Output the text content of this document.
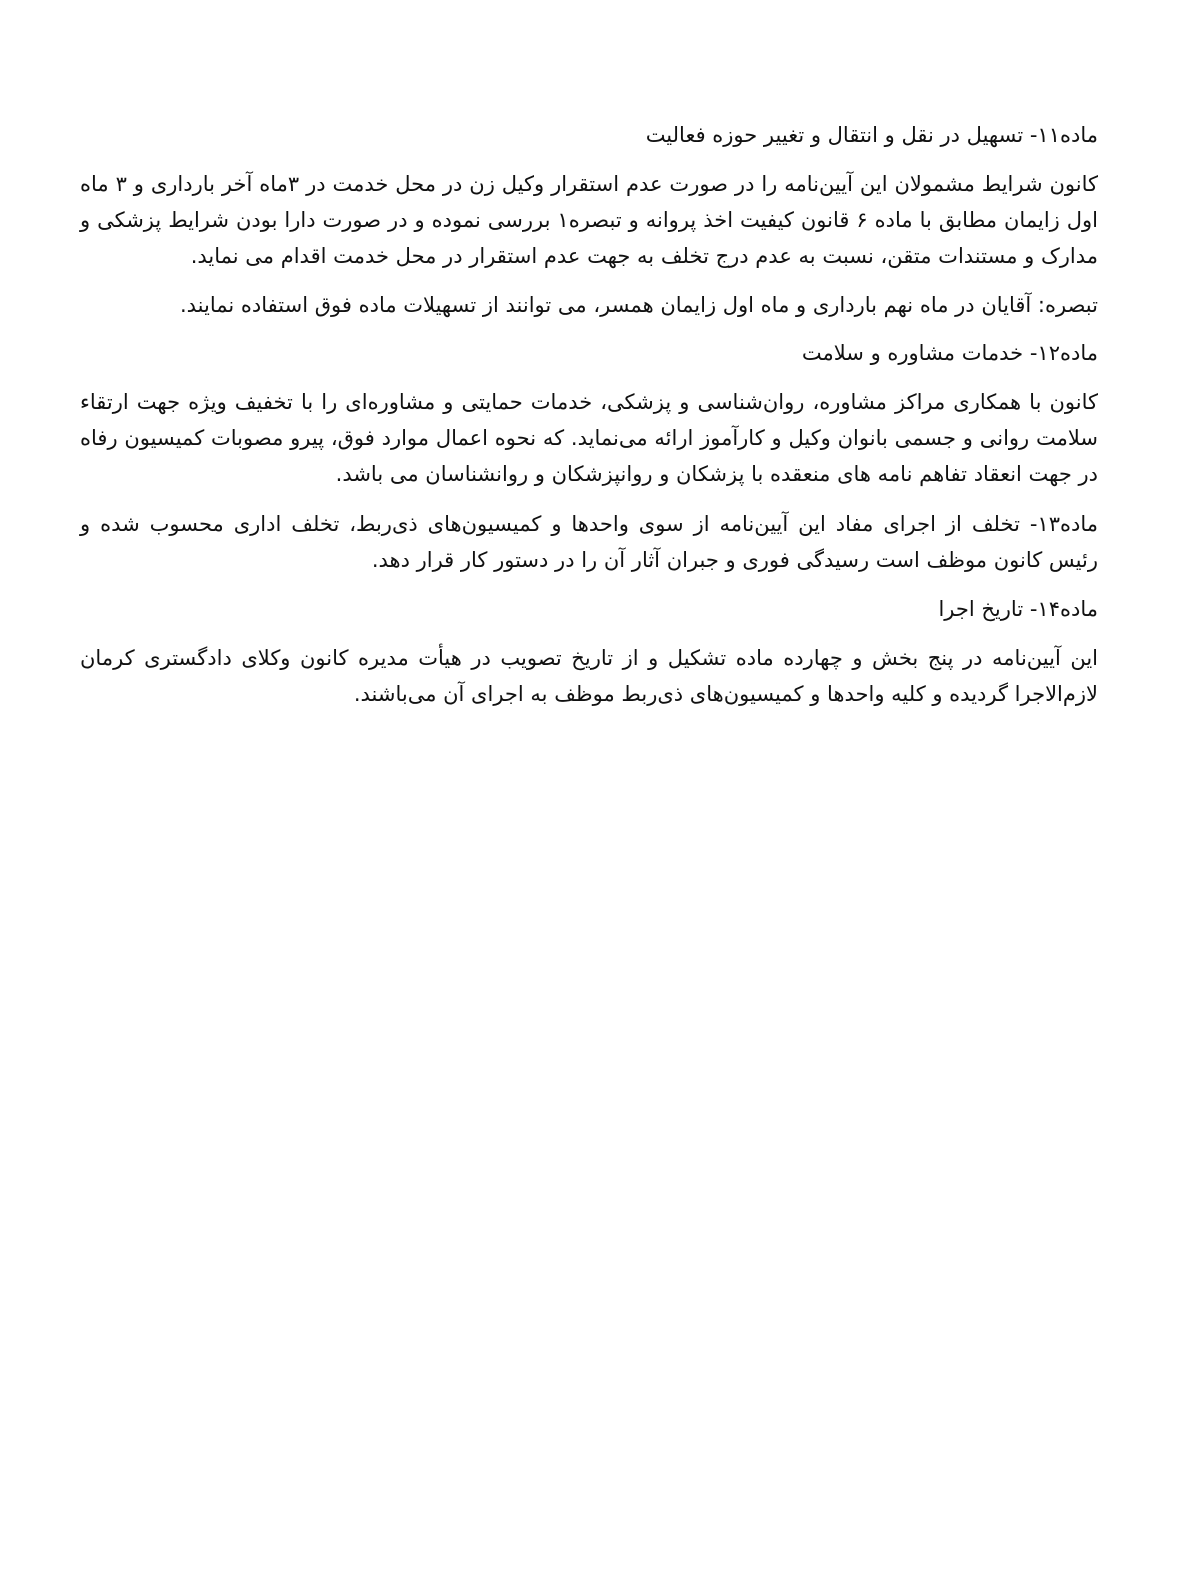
ماده۱۱- تسهیل در نقل و انتقال و تغییر حوزه فعالیت

کانون شرایط مشمولان این آیین‌نامه را در صورت عدم استقرار وکیل زن در محل خدمت در ۳ماه آخر بارداری و ۳ ماه اول زایمان مطابق با ماده ۶ قانون کیفیت اخذ پروانه و تبصره۱ بررسی نموده و در صورت دارا بودن شرایط پزشکی و مدارک و مستندات متقن، نسبت به عدم درج تخلف به جهت عدم استقرار در محل خدمت اقدام می نماید.

تبصره: آقایان در ماه نهم بارداری و ماه اول زایمان همسر، می توانند از تسهیلات ماده فوق استفاده نمایند.

ماده۱۲- خدمات مشاوره و سلامت

کانون با همکاری مراکز مشاوره، روان‌شناسی و پزشکی، خدمات حمایتی و مشاوره‌ای را با تخفیف ویژه جهت ارتقاء سلامت روانی و جسمی بانوان وکیل و کارآموز ارائه می‌نماید. که نحوه اعمال موارد فوق، پیرو مصوبات کمیسیون رفاه در جهت انعقاد تفاهم نامه های منعقده با پزشکان و روانپزشکان و روانشناسان می باشد.

ماده۱۳- تخلف از اجرای مفاد این آیین‌نامه از سوی واحدها و کمیسیون‌های ذی‌ربط، تخلف اداری محسوب شده و رئیس کانون موظف است رسیدگی فوری و جبران آثار آن را در دستور کار قرار دهد.

ماده۱۴- تاریخ اجرا

این آیین‌نامه در پنج بخش و چهارده ماده تشکیل و از تاریخ تصویب در هیأت مدیره کانون وکلای دادگستری کرمان لازم‌الاجرا گردیده و کلیه واحدها و کمیسیون‌های ذی‌ربط موظف به اجرای آن می‌باشند.
